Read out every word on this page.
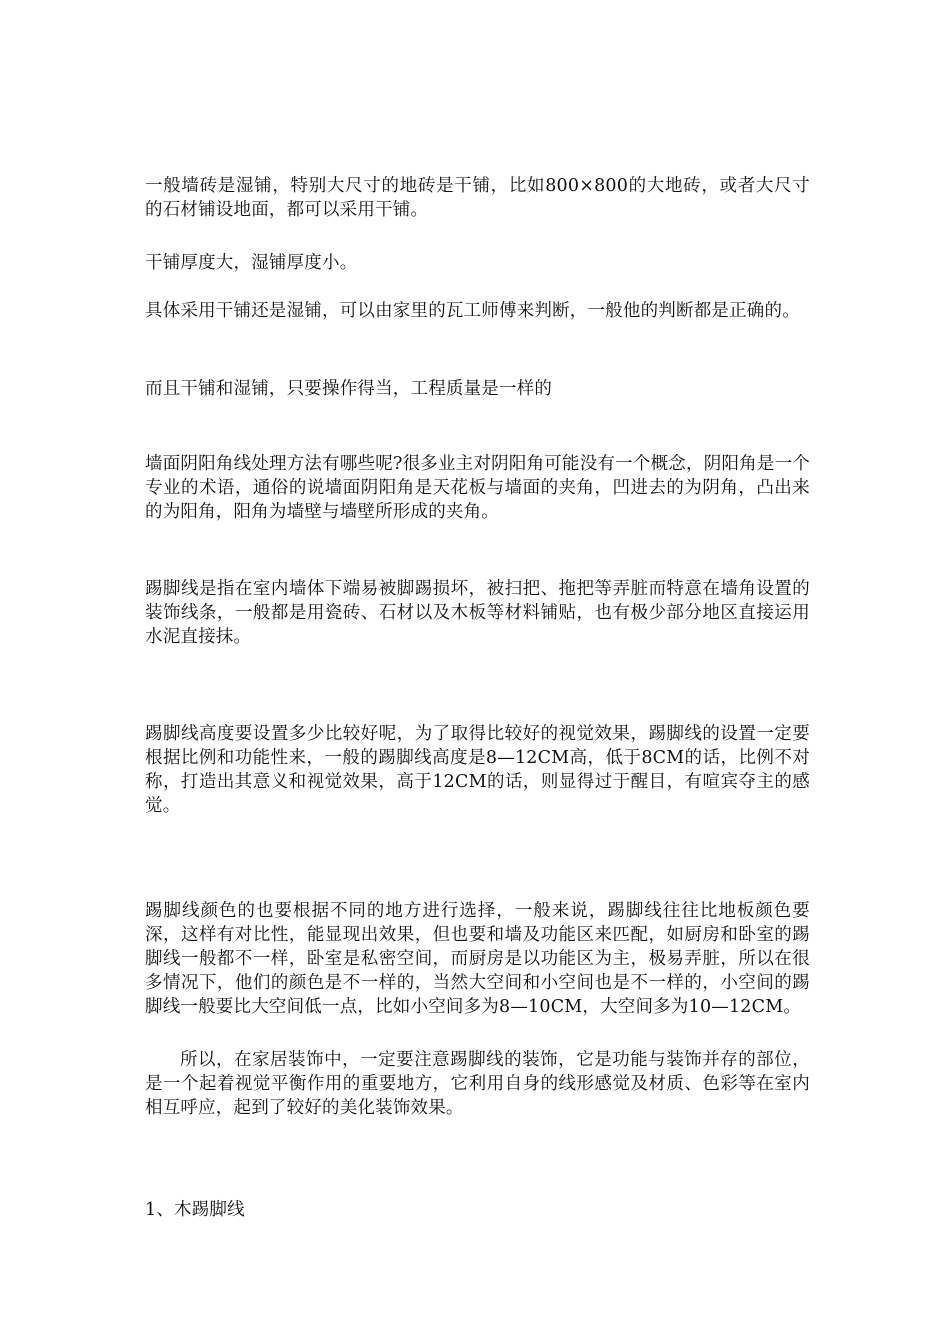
一般墙砖是湿铺，特别大尺寸的地砖是干铺，比如800×800的大地砖，或者大尺寸的石材铺设地面，都可以采用干铺。

干铺厚度大，湿铺厚度小。

具体采用干铺还是湿铺，可以由家里的瓦工师傅来判断，一般他的判断都是正确的。

而且干铺和湿铺，只要操作得当，工程质量是一样的

墙面阴阳角线处理方法有哪些呢?很多业主对阴阳角可能没有一个概念，阴阳角是一个专业的术语，通俗的说墙面阴阳角是天花板与墙面的夹角，凹进去的为阴角，凸出来的为阳角，阳角为墙壁与墙壁所形成的夹角。

踢脚线是指在室内墙体下端易被脚踢损坏，被扫把、拖把等弄脏而特意在墙角设置的装饰线条，一般都是用瓷砖、石材以及木板等材料铺贴，也有极少部分地区直接运用水泥直接抹。

踢脚线高度要设置多少比较好呢，为了取得比较好的视觉效果，踢脚线的设置一定要根据比例和功能性来，一般的踢脚线高度是8—12CM高，低于8CM的话，比例不对称，打造出其意义和视觉效果，高于12CM的话，则显得过于醒目，有喧宾夺主的感觉。

踢脚线颜色的也要根据不同的地方进行选择，一般来说，踢脚线往往比地板颜色要深，这样有对比性，能显现出效果，但也要和墙及功能区来匹配，如厨房和卧室的踢脚线一般都不一样，卧室是私密空间，而厨房是以功能区为主，极易弄脏，所以在很多情况下，他们的颜色是不一样的，当然大空间和小空间也是不一样的，小空间的踢脚线一般要比大空间低一点，比如小空间多为8—10CM，大空间多为10—12CM。

所以，在家居装饰中，一定要注意踢脚线的装饰，它是功能与装饰并存的部位，是一个起着视觉平衡作用的重要地方，它利用自身的线形感觉及材质、色彩等在室内相互呼应，起到了较好的美化装饰效果。

1、木踢脚线
